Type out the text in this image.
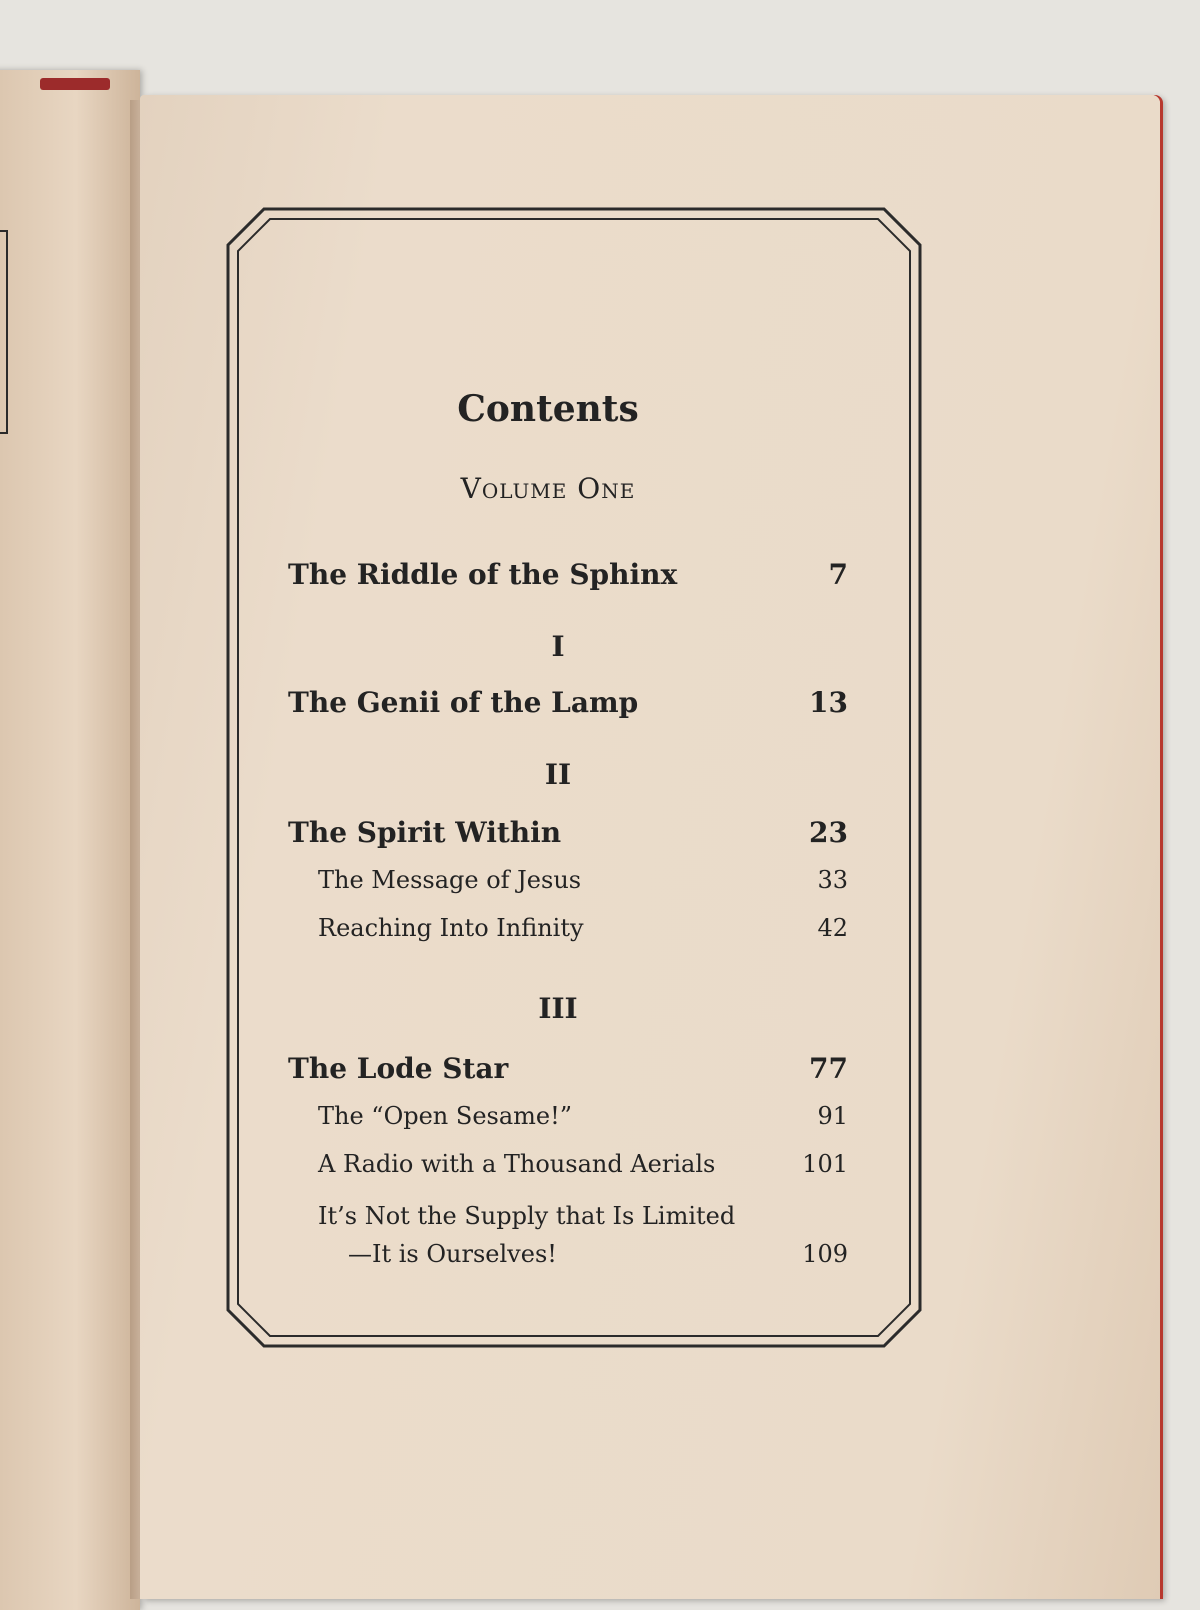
Contents
Volume One
The Riddle of the Sphinx	7
I
The Genii of the Lamp	13
II
The Spirit Within	23
The Message of Jesus	33
Reaching Into Infinity	42
III
The Lode Star	77
The “Open Sesame!”	91
A Radio with a Thousand Aerials	101
It’s Not the Supply that Is Limited
—It is Ourselves!	109
